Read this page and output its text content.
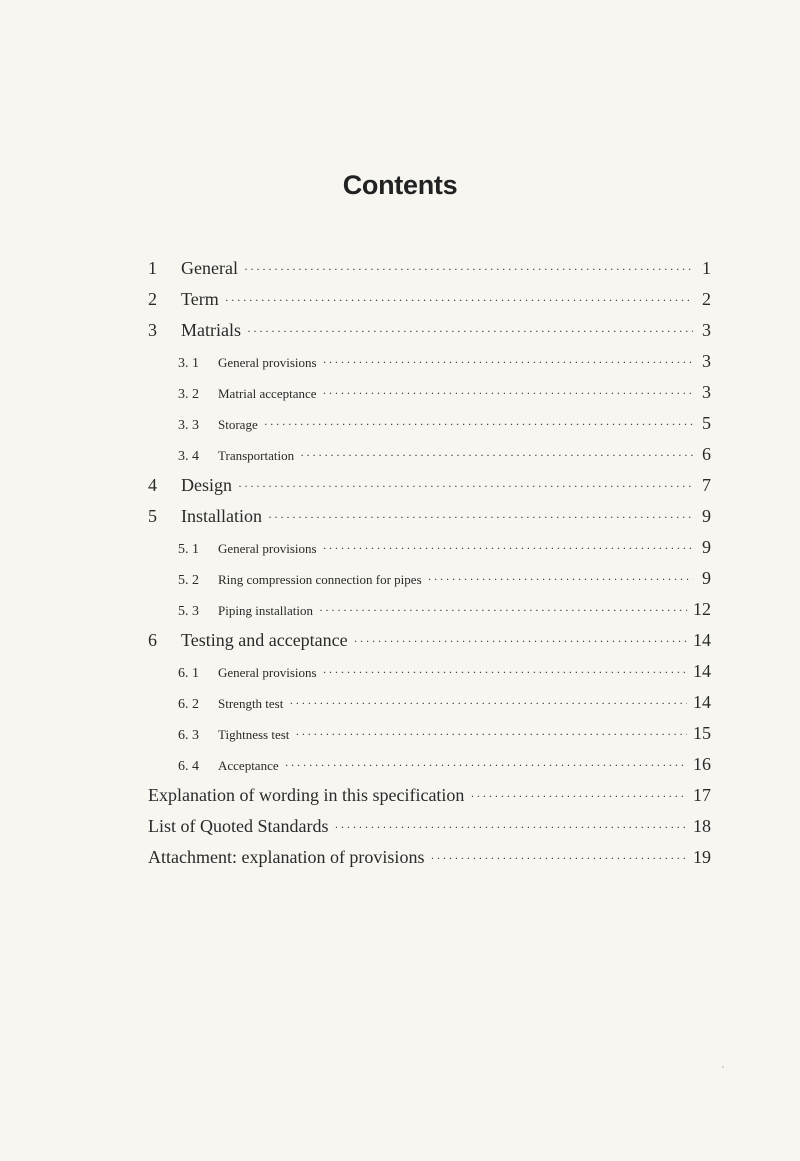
Contents
1	General ·····	1
2	Term ·····	2
3	Matrials ·····	3
3. 1	General provisions ·····	3
3. 2	Matrial acceptance ·····	3
3. 3	Storage ·····	5
3. 4	Transportation ·····	6
4	Design ·····	7
5	Installation ·····	9
5. 1	General provisions ·····	9
5. 2	Ring compression connection for pipes ·····	9
5. 3	Piping installation ·····	12
6	Testing and acceptance ·····	14
6. 1	General provisions ·····	14
6. 2	Strength test ·····	14
6. 3	Tightness test ·····	15
6. 4	Acceptance ·····	16
Explanation of wording in this specification ·····	17
List of Quoted Standards ·····	18
Attachment: explanation of provisions ·····	19
